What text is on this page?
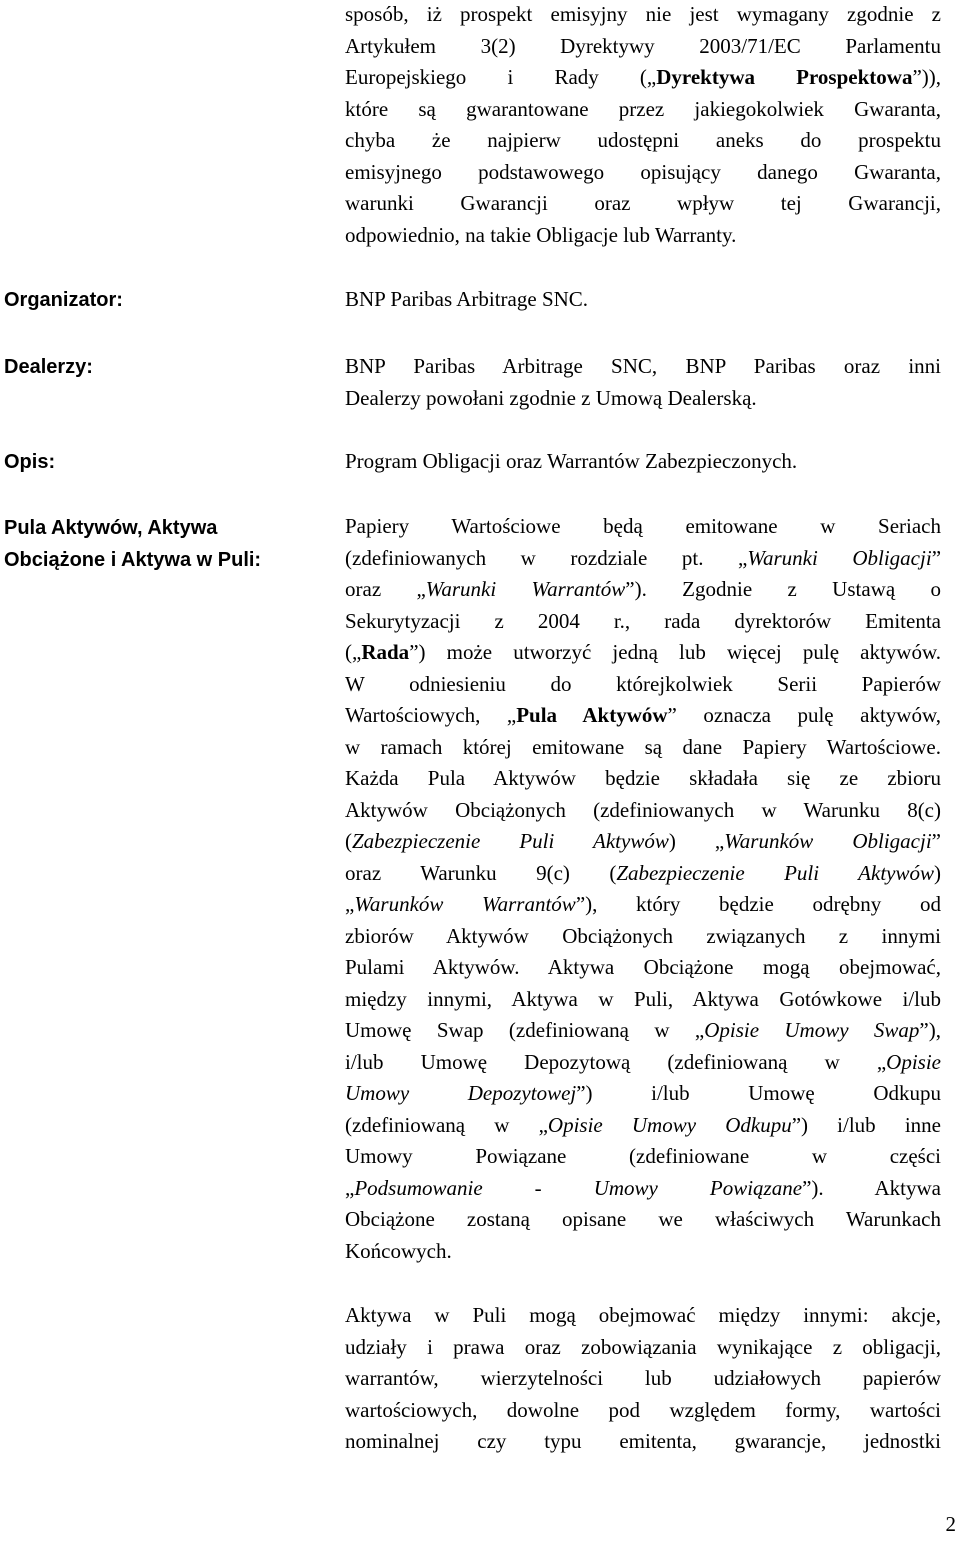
sposób, iż prospekt emisyjny nie jest wymagany zgodnie z
Artykułem 3(2) Dyrektywy 2003/71/EC Parlamentu
Europejskiego i Rady („Dyrektywa Prospektowa”)),
które są gwarantowane przez jakiegokolwiek Gwaranta,
chyba że najpierw udostępni aneks do prospektu
emisyjnego podstawowego opisujący danego Gwaranta,
warunki Gwarancji oraz wpływ tej Gwarancji,
odpowiednio, na takie Obligacje lub Warranty.
Organizator:	BNP Paribas Arbitrage SNC.
Dealerzy:	BNP Paribas Arbitrage SNC, BNP Paribas oraz inni
Dealerzy powołani zgodnie z Umową Dealerską.
Opis:	Program Obligacji oraz Warrantów Zabezpieczonych.
Pula Aktywów, Aktywa
Obciążone i Aktywa w Puli:
Papiery Wartościowe będą emitowane w Seriach
(zdefiniowanych w rozdziale pt. „Warunki Obligacji”
oraz „Warunki Warrantów”). Zgodnie z Ustawą o
Sekurytyzacji z 2004 r., rada dyrektorów Emitenta
(„Rada”) może utworzyć jedną lub więcej pulę aktywów.
W odniesieniu do którejkolwiek Serii Papierów
Wartościowych, „Pula Aktywów” oznacza pulę aktywów,
w ramach której emitowane są dane Papiery Wartościowe.
Każda Pula Aktywów będzie składała się ze zbioru
Aktywów Obciążonych (zdefiniowanych w Warunku 8(c)
(Zabezpieczenie Puli Aktywów) „Warunków Obligacji”
oraz Warunku 9(c) (Zabezpieczenie Puli Aktywów)
„Warunków Warrantów”), który będzie odrębny od
zbiorów Aktywów Obciążonych związanych z innymi
Pulami Aktywów. Aktywa Obciążone mogą obejmować,
między innymi, Aktywa w Puli, Aktywa Gotówkowe i/lub
Umowę Swap (zdefiniowaną w „Opisie Umowy Swap”),
i/lub Umowę Depozytową (zdefiniowaną w „Opisie
Umowy Depozytowej”) i/lub Umowę Odkupu
(zdefiniowaną w „Opisie Umowy Odkupu”) i/lub inne
Umowy Powiązane (zdefiniowane w części
„Podsumowanie - Umowy Powiązane”). Aktywa
Obciążone zostaną opisane we właściwych Warunkach
Końcowych.
Aktywa w Puli mogą obejmować między innymi: akcje,
udziały i prawa oraz zobowiązania wynikające z obligacji,
warrantów, wierzytelności lub udziałowych papierów
wartościowych, dowolne pod względem formy, wartości
nominalnej czy typu emitenta, gwarancje, jednostki
2
